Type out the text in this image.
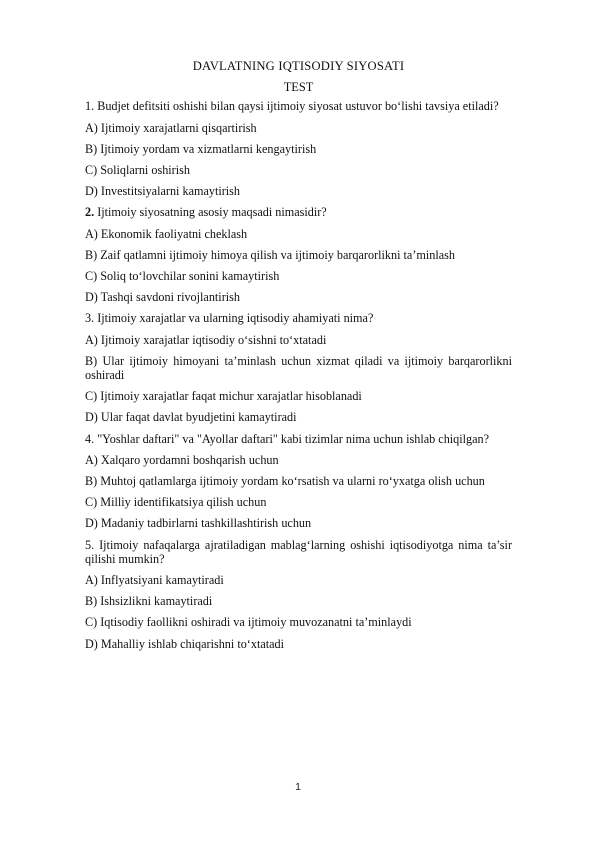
DAVLATNING IQTISODIY SIYOSATI
TEST
1. Budjet defitsiti oshishi bilan qaysi ijtimoiy siyosat ustuvor bo‘lishi tavsiya etiladi?
A) Ijtimoiy xarajatlarni qisqartirish
B) Ijtimoiy yordam va xizmatlarni kengaytirish
C) Soliqlarni oshirish
D) Investitsiyalarni kamaytirish
2. Ijtimoiy siyosatning asosiy maqsadi nimasidir?
A) Ekonomik faoliyatni cheklash
B) Zaif qatlamni ijtimoiy himoya qilish va ijtimoiy barqarorlikni ta’minlash
C) Soliq to‘lovchilar sonini kamaytirish
D) Tashqi savdoni rivojlantirish
3. Ijtimoiy xarajatlar va ularning iqtisodiy ahamiyati nima?
A) Ijtimoiy xarajatlar iqtisodiy o‘sishni to‘xtatadi
B) Ular ijtimoiy himoyani ta’minlash uchun xizmat qiladi va ijtimoiy barqarorlikni oshiradi
C) Ijtimoiy xarajatlar faqat michur xarajatlar hisoblanadi
D) Ular faqat davlat byudjetini kamaytiradi
4. "Yoshlar daftari" va "Ayollar daftari" kabi tizimlar nima uchun ishlab chiqilgan?
A) Xalqaro yordamni boshqarish uchun
B) Muhtoj qatlamlarga ijtimoiy yordam ko‘rsatish va ularni ro‘yxatga olish uchun
C) Milliy identifikatsiya qilish uchun
D) Madaniy tadbirlarni tashkillashtirish uchun
5. Ijtimoiy nafaqalarga ajratiladigan mablag‘larning oshishi iqtisodiyotga nima ta’sir qilishi mumkin?
A) Inflyatsiyani kamaytiradi
B) Ishsizlikni kamaytiradi
C) Iqtisodiy faollikni oshiradi va ijtimoiy muvozanatni ta’minlaydi
D) Mahalliy ishlab chiqarishni to‘xtatadi
1
